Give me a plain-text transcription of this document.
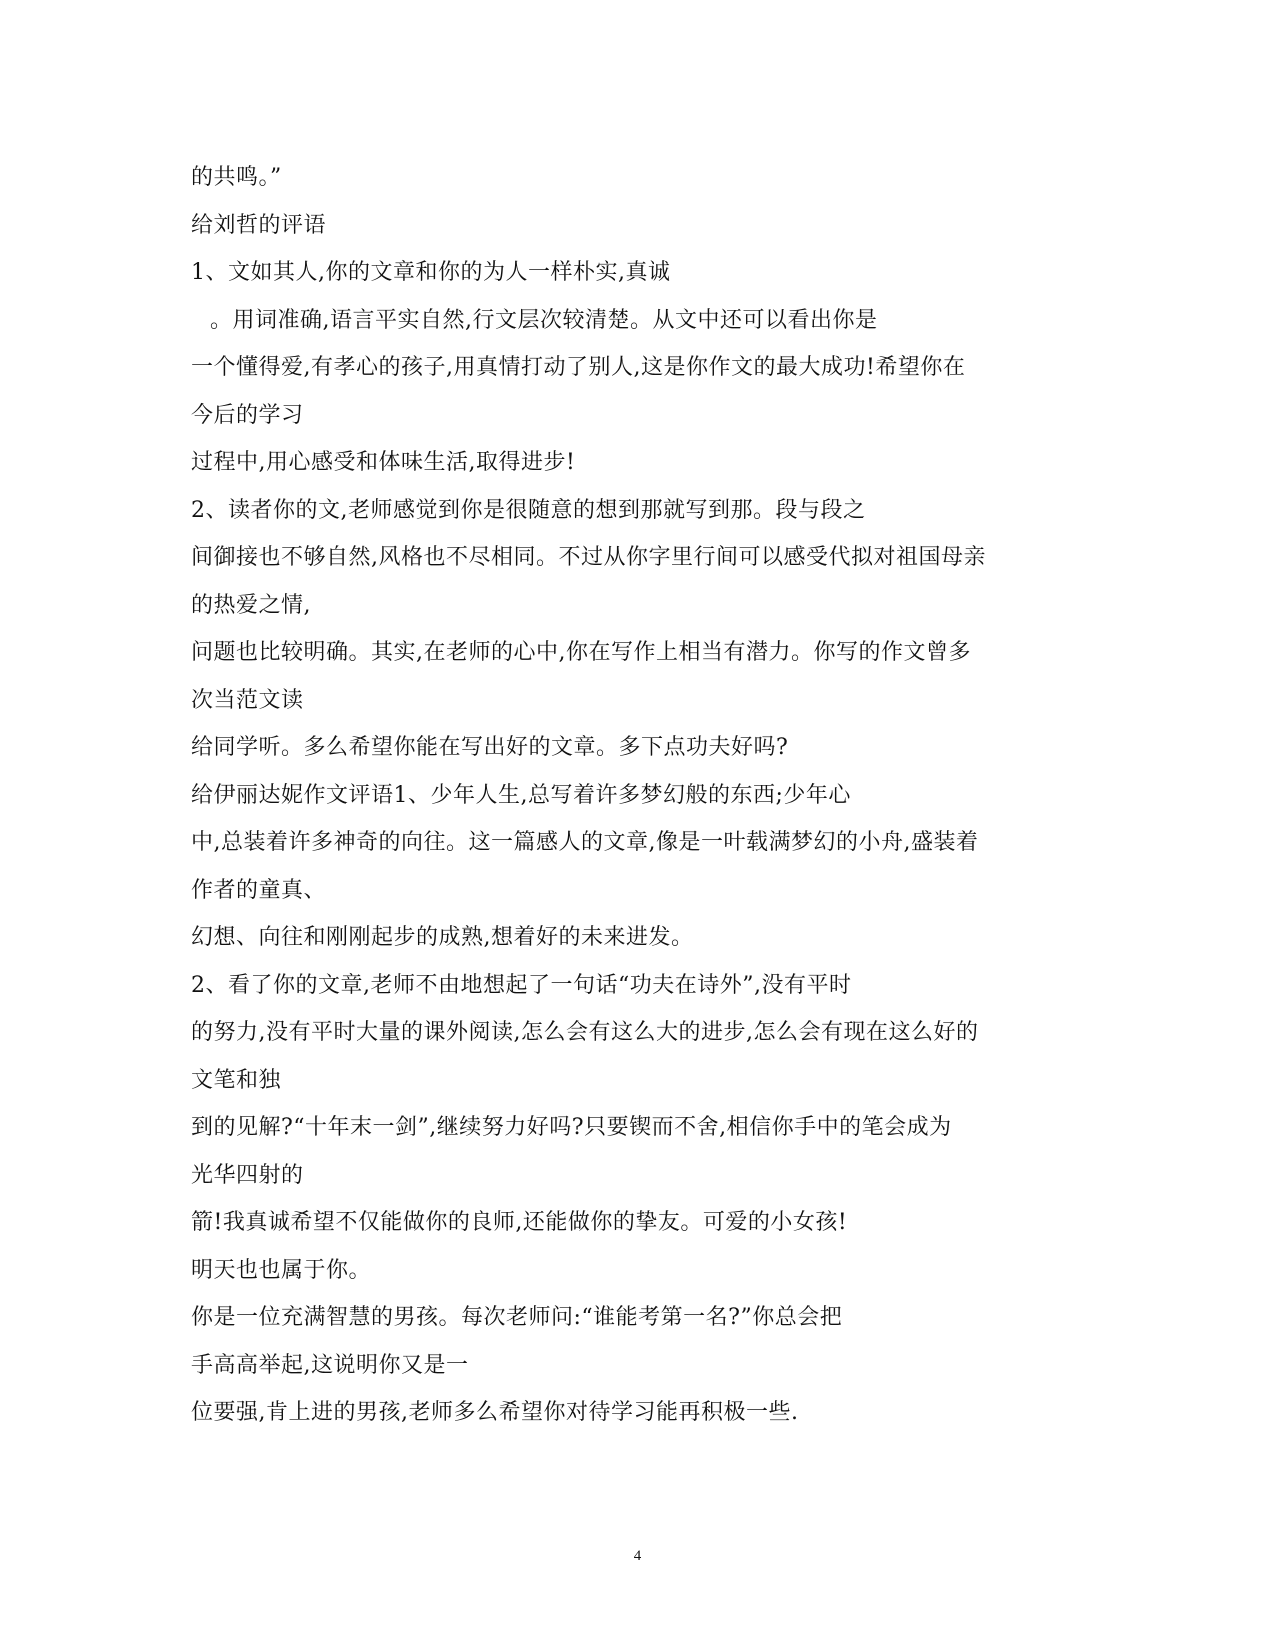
的共鸣。”
给刘哲的评语
1、文如其人,你的文章和你的为人一样朴实,真诚
。用词准确,语言平实自然,行文层次较清楚。从文中还可以看出你是
一个懂得爱,有孝心的孩子,用真情打动了别人,这是你作文的最大成功!希望你在
今后的学习
过程中,用心感受和体味生活,取得进步!
2、读者你的文,老师感觉到你是很随意的想到那就写到那。段与段之
间御接也不够自然,风格也不尽相同。不过从你字里行间可以感受代拟对祖国母亲
的热爱之情,
问题也比较明确。其实,在老师的心中,你在写作上相当有潜力。你写的作文曾多
次当范文读
给同学听。多么希望你能在写出好的文章。多下点功夫好吗?
给伊丽达妮作文评语1、少年人生,总写着许多梦幻般的东西;少年心
中,总装着许多神奇的向往。这一篇感人的文章,像是一叶载满梦幻的小舟,盛装着
作者的童真、
幻想、向往和刚刚起步的成熟,想着好的未来进发。
2、看了你的文章,老师不由地想起了一句话“功夫在诗外”,没有平时
的努力,没有平时大量的课外阅读,怎么会有这么大的进步,怎么会有现在这么好的
文笔和独
到的见解?“十年末一剑”,继续努力好吗?只要锲而不舍,相信你手中的笔会成为
光华四射的
箭!我真诚希望不仅能做你的良师,还能做你的挚友。可爱的小女孩!
明天也也属于你。
你是一位充满智慧的男孩。每次老师问:“谁能考第一名?”你总会把
手高高举起,这说明你又是一
位要强,肯上进的男孩,老师多么希望你对待学习能再积极一些.
4
